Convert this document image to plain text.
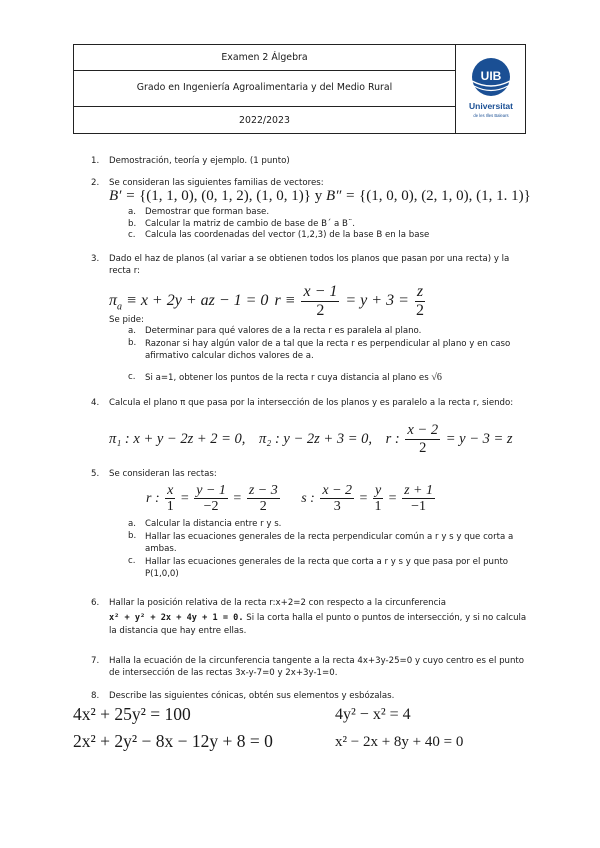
Examen 2 Álgebra
Grado en Ingeniería Agroalimentaria y del Medio Rural
2022/2023
UIB
Universitat
de les Illes Balears
1. Demostración, teoría y ejemplo. (1 punto)
2. Se consideran las siguientes familias de vectores:
B′ = {(1, 1, 0), (0, 1, 2), (1, 0, 1)} y B″ = {(1, 0, 0), (2, 1, 0), (1, 1. 1)}
a. Demostrar que forman base.
b. Calcular la matriz de cambio de base de B´ a B¨.
c. Calcula las coordenadas del vector (1,2,3) de la base B en la base
3. Dado el haz de planos (al variar a se obtienen todos los planos que pasan por una recta) y la recta r:
$\pi_a \equiv x + 2y$ + az − 1 = 0 $r \equiv \frac{x - 1}{2} = y + 3 = \frac{z}{2}$
Se pide:
a. Determinar para qué valores de a la recta r es paralela al plano.
b. Razonar si hay algún valor de a tal que la recta r es perpendicular al plano y en caso afirmativo calcular dichos valores de a.
c. Si a=1, obtener los puntos de la recta r cuya distancia al plano es √6
4. Calcula el plano π que pasa por la intersección de los planos y es paralelo a la recta r, siendo:
π₁ : x + y − 2z + 2 = 0, π₂ : y − 2z + 3 = 0, r : $\frac{x - 2}{2} = y - 3 = z$
5. Se consideran las rectas:
r : $\frac{x}{1} = \frac{y - 1}{-2} = \frac{z - 3}{2}$ s : $\frac{x - 2}{3} = \frac{y}{1} = \frac{z + 1}{-1}$
a. Calcular la distancia entre r y s.
b. Hallar las ecuaciones generales de la recta perpendicular común a r y s y que corta a ambas.
c. Hallar las ecuaciones generales de la recta que corta a r y s y que pasa por el punto P(1,0,0)
6. Hallar la posición relativa de la recta r:x+2=2 con respecto a la circunferencia
x² + y² + 2x + 4y + 1 = 0. Si la corta halla el punto o puntos de intersección, y si no calcula la distancia que hay entre ellas.
7. Halla la ecuación de la circunferencia tangente a la recta 4x+3y-25=0 y cuyo centro es el punto de intersección de las rectas 3x-y-7=0 y 2x+3y-1=0.
8. Describe las siguientes cónicas, obtén sus elementos y esbózalas.
4x² + 25y² = 100	4y² − x² = 4
2x² + 2y² − 8x − 12y + 8 = 0	x² − 2x + 8y + 40 = 0
